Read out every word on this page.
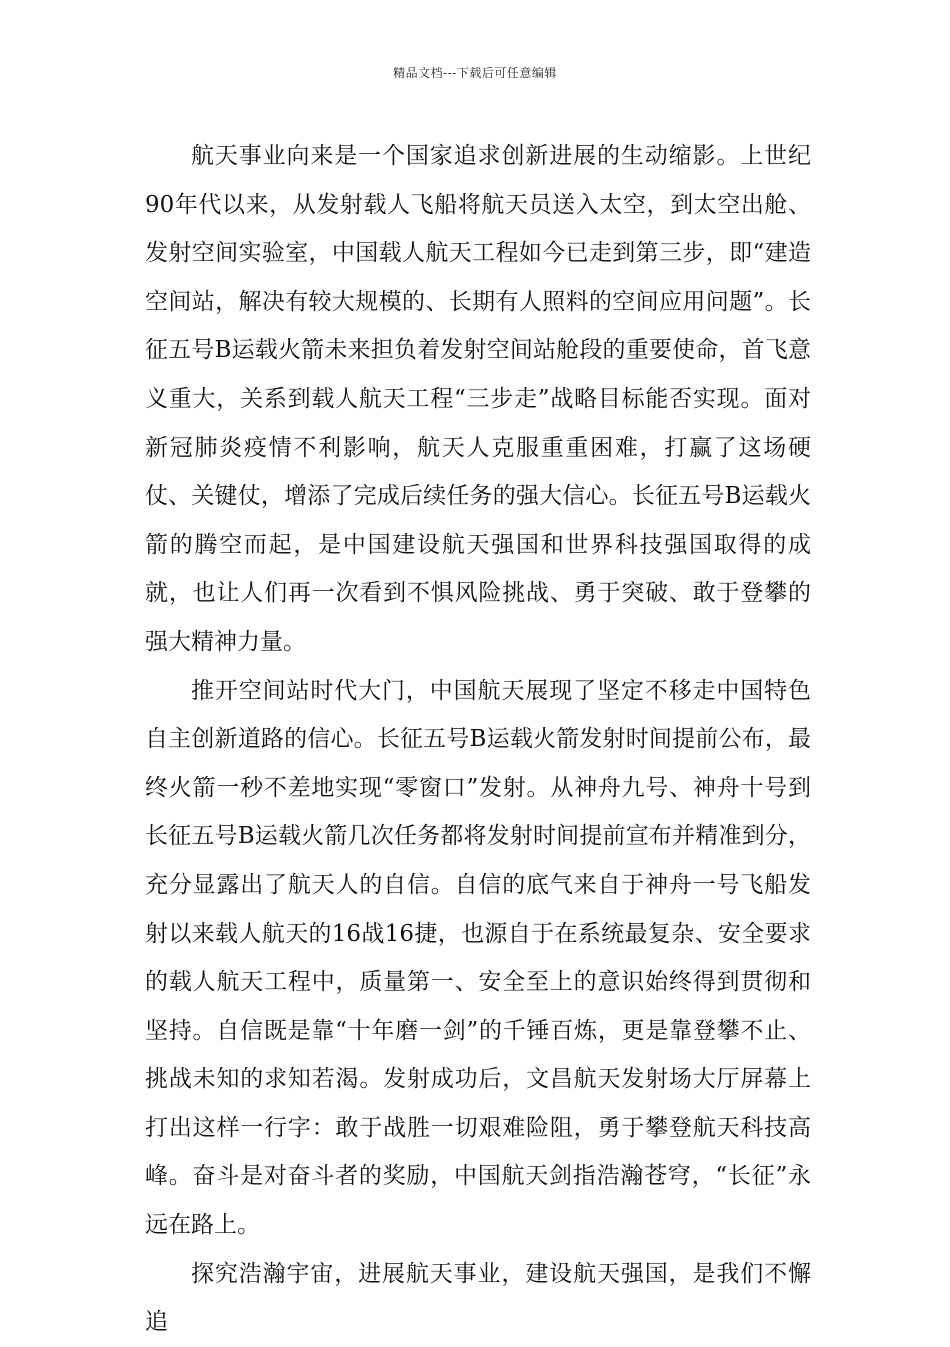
精品文档---下载后可任意编辑

航天事业向来是一个国家追求创新进展的生动缩影。上世纪90年代以来，从发射载人飞船将航天员送入太空，到太空出舱、发射空间实验室，中国载人航天工程如今已走到第三步，即“建造空间站，解决有较大规模的、长期有人照料的空间应用问题”。长征五号B运载火箭未来担负着发射空间站舱段的重要使命，首飞意义重大，关系到载人航天工程“三步走”战略目标能否实现。面对新冠肺炎疫情不利影响，航天人克服重重困难，打赢了这场硬仗、关键仗，增添了完成后续任务的强大信心。长征五号B运载火箭的腾空而起，是中国建设航天强国和世界科技强国取得的成就，也让人们再一次看到不惧风险挑战、勇于突破、敢于登攀的强大精神力量。

推开空间站时代大门，中国航天展现了坚定不移走中国特色自主创新道路的信心。长征五号B运载火箭发射时间提前公布，最终火箭一秒不差地实现“零窗口”发射。从神舟九号、神舟十号到长征五号B运载火箭几次任务都将发射时间提前宣布并精准到分，充分显露出了航天人的自信。自信的底气来自于神舟一号飞船发射以来载人航天的16战16捷，也源自于在系统最复杂、安全要求的载人航天工程中，质量第一、安全至上的意识始终得到贯彻和坚持。自信既是靠“十年磨一剑”的千锤百炼，更是靠登攀不止、挑战未知的求知若渴。发射成功后，文昌航天发射场大厅屏幕上打出这样一行字：敢于战胜一切艰难险阻，勇于攀登航天科技高峰。奋斗是对奋斗者的奖励，中国航天剑指浩瀚苍穹，“长征”永远在路上。

探究浩瀚宇宙，进展航天事业，建设航天强国，是我们不懈追
